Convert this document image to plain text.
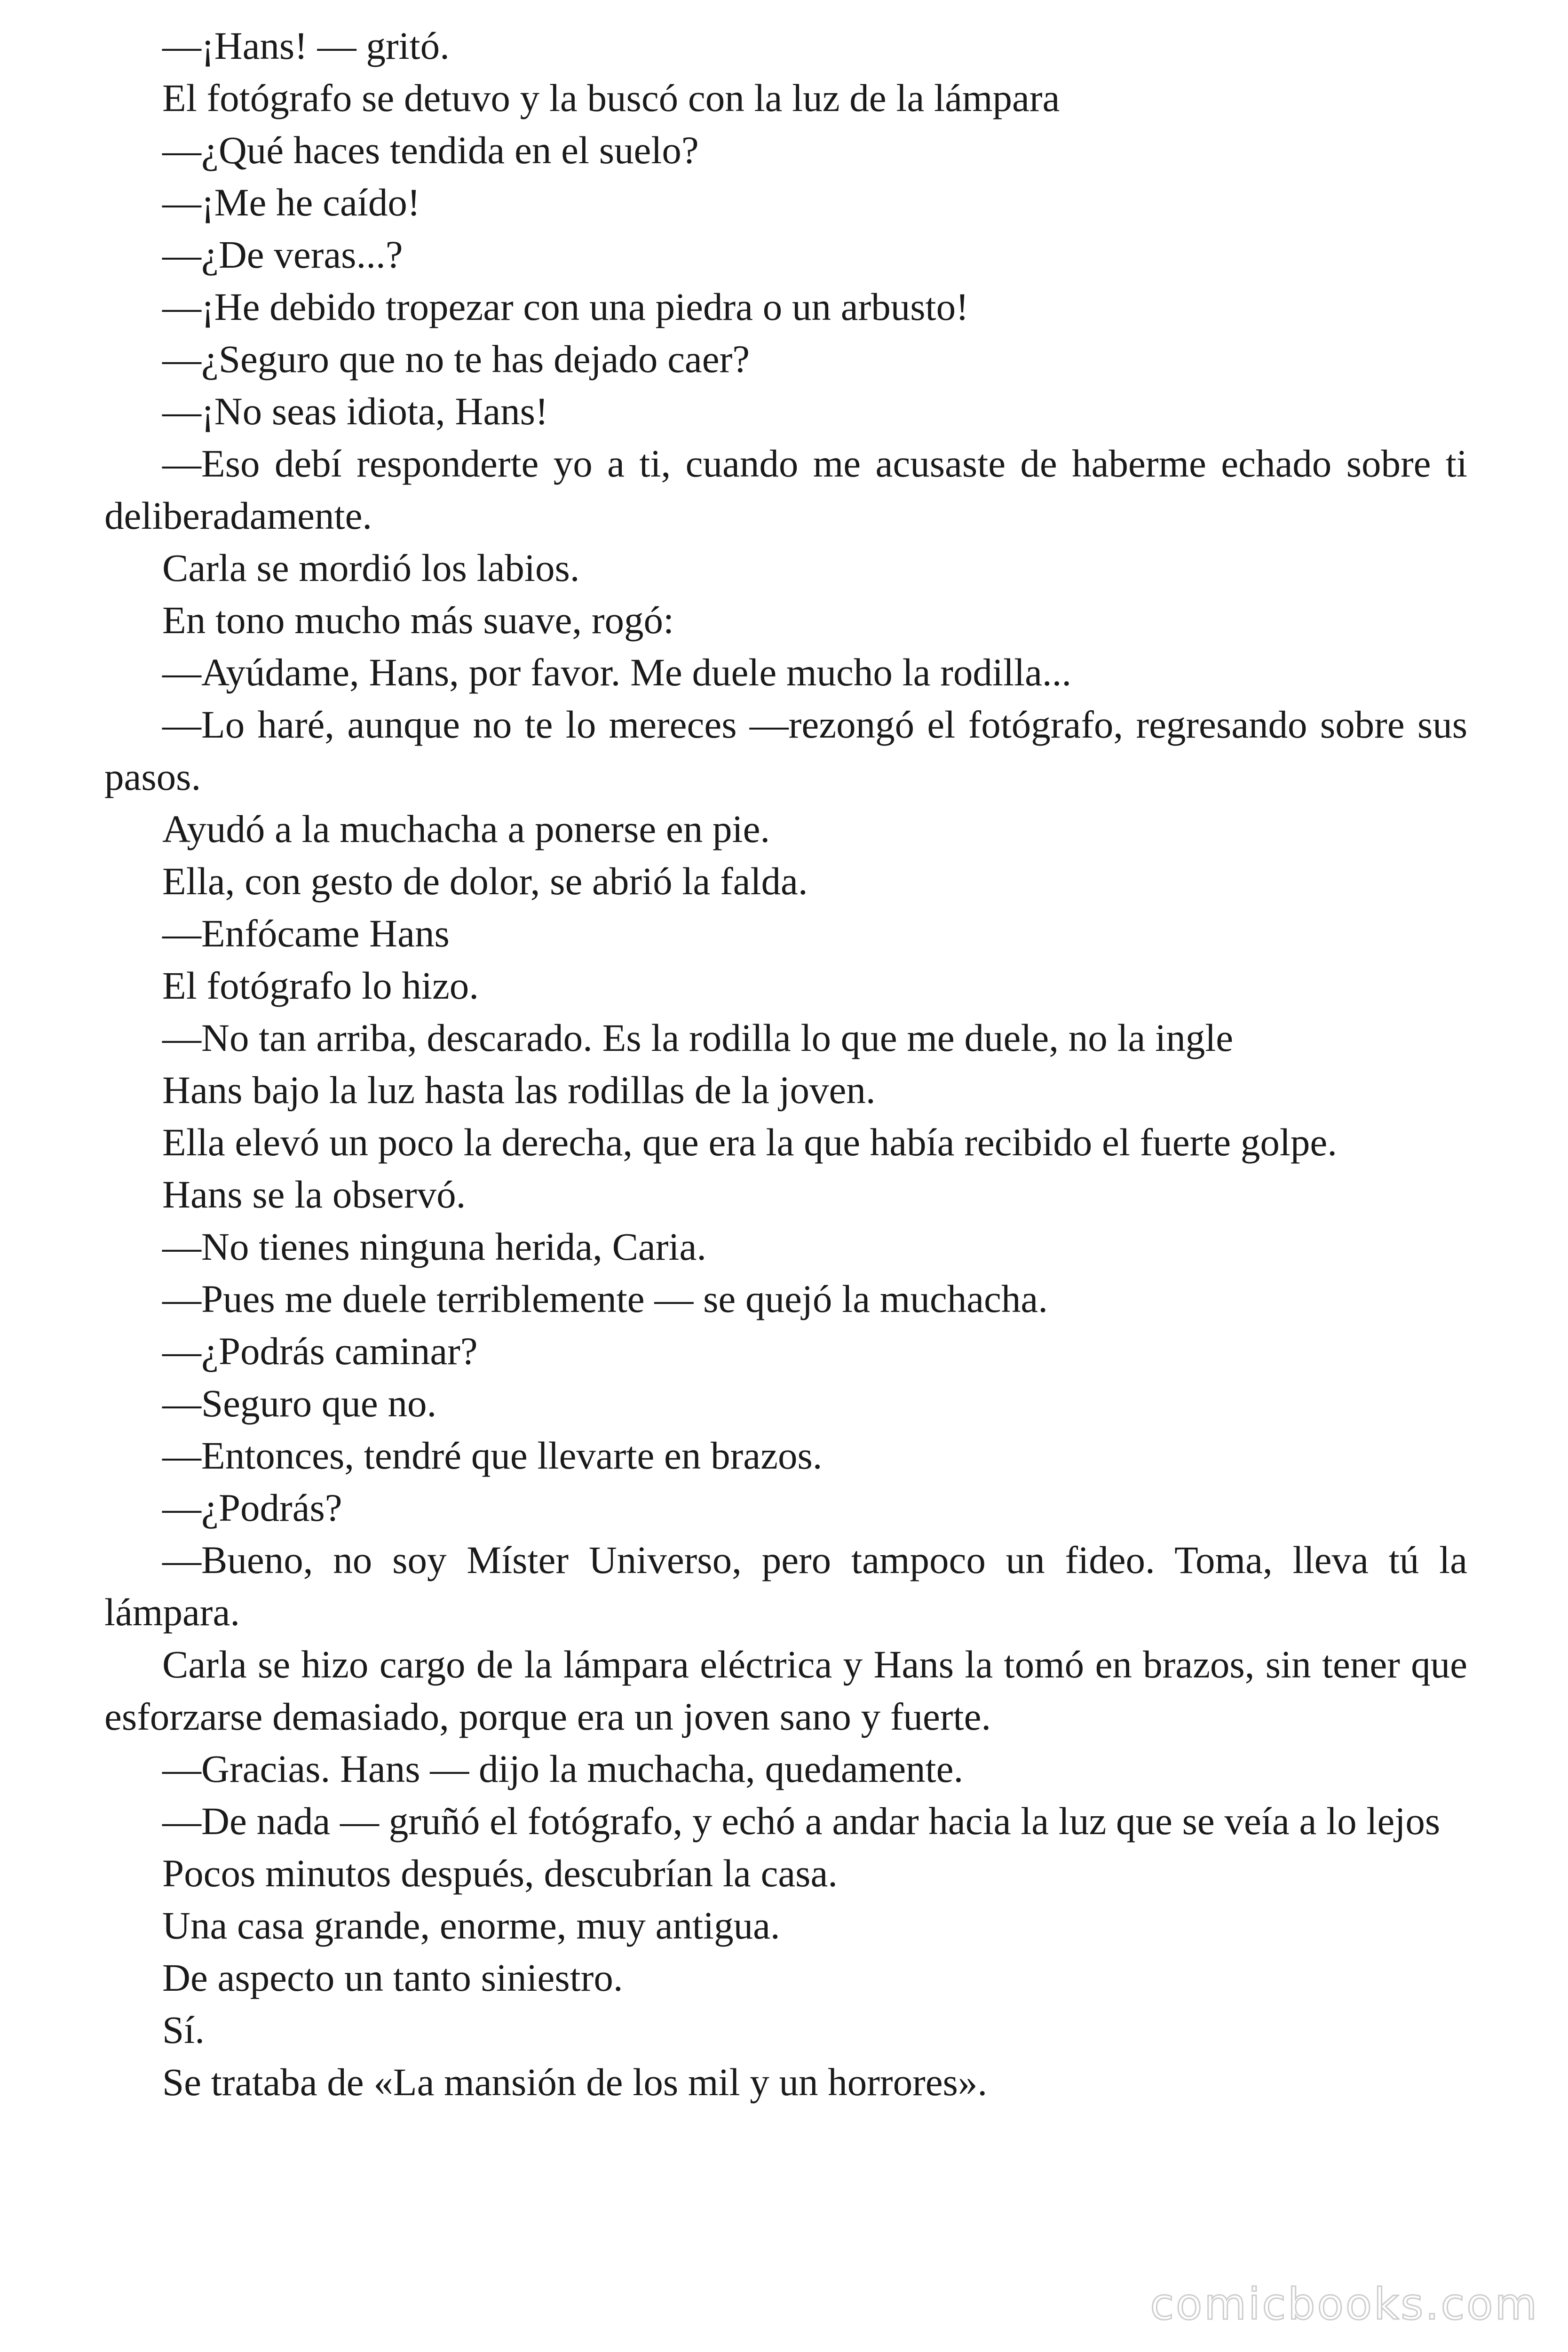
—¡Hans! — gritó.

El fotógrafo se detuvo y la buscó con la luz de la lámpara

—¿Qué haces tendida en el suelo?

—¡Me he caído!

—¿De veras...?

—¡He debido tropezar con una piedra o un arbusto!

—¿Seguro que no te has dejado caer?

—¡No seas idiota, Hans!

—Eso debí responderte yo a ti, cuando me acusaste de haberme echado sobre ti deliberadamente.

Carla se mordió los labios.

En tono mucho más suave, rogó:

—Ayúdame, Hans, por favor. Me duele mucho la rodilla...

—Lo haré, aunque no te lo mereces —rezongó el fotógrafo, regresando sobre sus pasos.

Ayudó a la muchacha a ponerse en pie.

Ella, con gesto de dolor, se abrió la falda.

—Enfócame Hans

El fotógrafo lo hizo.

—No tan arriba, descarado. Es la rodilla lo que me duele, no la ingle

Hans bajo la luz hasta las rodillas de la joven.

Ella elevó un poco la derecha, que era la que había recibido el fuerte golpe.

Hans se la observó.

—No tienes ninguna herida, Caria.

—Pues me duele terriblemente — se quejó la muchacha.

—¿Podrás caminar?

—Seguro que no.

—Entonces, tendré que llevarte en brazos.

—¿Podrás?

—Bueno, no soy Míster Universo, pero tampoco un fideo. Toma, lleva tú la lámpara.

Carla se hizo cargo de la lámpara eléctrica y Hans la tomó en brazos, sin tener que esforzarse demasiado, porque era un joven sano y fuerte.

—Gracias. Hans — dijo la muchacha, quedamente.

—De nada — gruñó el fotógrafo, y echó a andar hacia la luz que se veía a lo lejos

Pocos minutos después, descubrían la casa.

Una casa grande, enorme, muy antigua.

De aspecto un tanto siniestro.

Sí.

Se trataba de «La mansión de los mil y un horrores».

comicbooks.com
